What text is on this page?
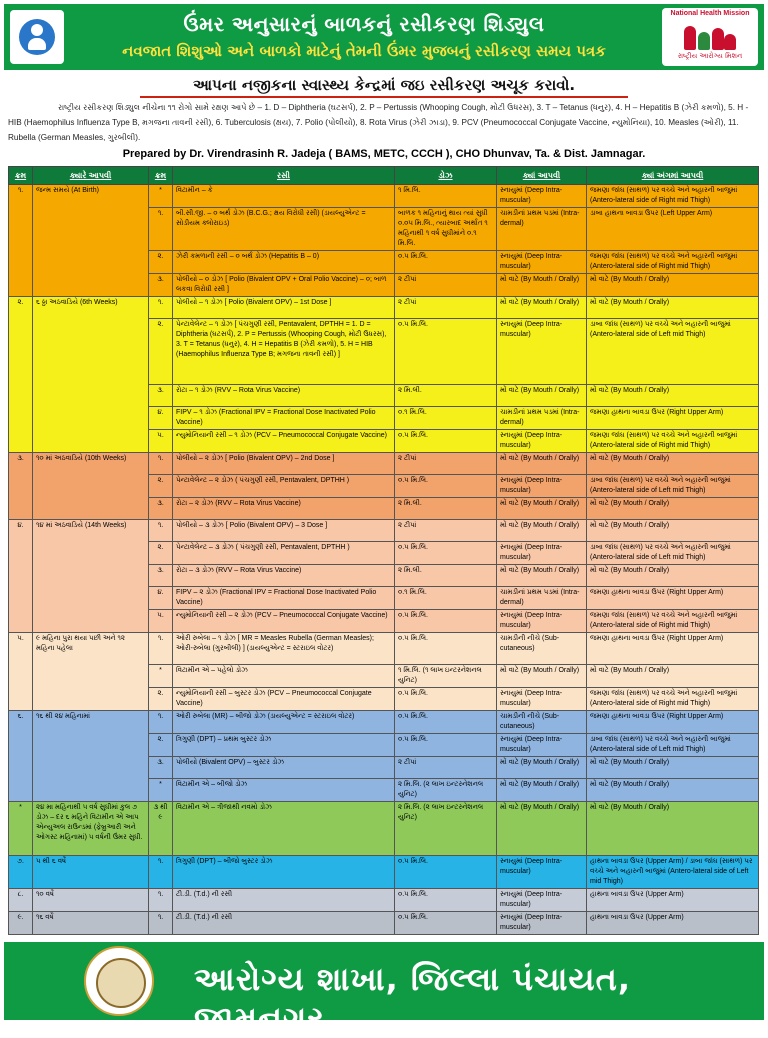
ઉંમર અનુસારનું બાળકનું રસીકરણ શિડ્યુલ
નવજાત શિશુઓ અને બાળકો માટેનું તેમની ઉંમર મુજબનું રસીકરણ સમય પત્રક
National Health Mission
રાષ્ટ્રીય આરોગ્ય મિશન
આપના નજીકના સ્વાસ્થ્ય કેન્દ્રમાં જઇ રસીકરણ અચૂક કરાવો.
રાષ્ટ્રીય રસીકરણ શિડ્યુલ નીચેના ૧૧ રોગો સામે રક્ષણ આપે છે – 1. D – Diphtheria (ઘટસર્પ), 2. P – Pertussis (Whooping Cough, મોટી ઉધરસ), 3. T – Tetanus (ધનુર), 4. H – Hepatitis B (ઝેરી કમળો), 5. H - HIB (Haemophilus Influenza Type B, મગજના તાવની રસી), 6. Tuberculosis (ક્ષય), 7. Polio (પોલીયો), 8. Rota Virus (ઝેરી ઝાડા), 9. PCV (Pneumococcal Conjugate Vaccine, ન્યુમોનિયા), 10. Measles (ઓરી), 11. Rubella (German Measles, ગુરબીલી).
Prepared by Dr. Virendrasinh R. Jadeja ( BAMS, METC, CCCH ), CHO Dhunvav, Ta. & Dist. Jamnagar.
ક્રમ	ક્યારે આપવી	ક્રમ	રસી	ડોઝ	ક્યાં આપવી	ક્યાં અંગમાં આપવી
૧.	જન્મ સમયે (At Birth)	*	વિટામીન – કે	૧ મિ.લિ.	સ્નાયુમાં (Deep Intra-muscular)	જમણા જાંઘ (સાથળ) પર વચ્ચે અને બહારની બાજુમાં (Antero-lateral side of Right mid Thigh)
		૧.	બી.સી.જી. – ૦ બર્થ ડોઝ (B.C.G.; ક્ષય વિરોધી રસી) (ડાયલ્યુએન્ટ = સોડીયમ ક્લોરાઇડ)	બાળક ૧ મહિનાનું થાય ત્યાં સુધી ૦.૦૫ મિ.લિ., ત્યારબાદ અર્થાત ૧ મહિનાથી ૧ વર્ષ સુધીમાંને ૦.૧ મિ.લિ.	ચામડીનાં પ્રથમ પડમાં (Intra-dermal)	ડાબા હાથના બાવડા ઉપર (Left Upper Arm)
		૨.	ઝેરી કમળાની રસી – ૦ બર્થ ડોઝ (Hepatitis B – 0)	૦.૫ મિ.લિ.	સ્નાયુમાં (Deep Intra-muscular)	જમણા જાંઘ (સાથળ) પર વચ્ચે અને બહારની બાજુમાં (Antero-lateral side of Right mid Thigh)
		૩.	પોલીયો – ૦ ડોઝ [ Polio (Bivalent OPV + Oral Polio Vaccine) – ૦; બાળ લકવા વિરોધી રસી ]	૨ ટીપાં	મોં વાટે (By Mouth / Orally)	મોં વાટે (By Mouth / Orally)
૨.	૬ ઠ્ઠા અઠવાડિયે (6th Weeks)	૧.	પોલીયો – ૧ ડોઝ [ Polio (Bivalent OPV) – 1st Dose ]	૨ ટીપાં	મોં વાટે (By Mouth / Orally)	મોં વાટે (By Mouth / Orally)
		૨.	પેન્ટાવેલેન્ટ – ૧ ડોઝ [ પંચગુણી રસી, Pentavalent, DPTHH = 1. D = Diphtheria (ઘટસર્પ), 2. P = Pertussis (Whooping Cough, મોટી ઉધરસ), 3. T = Tetanus (ધનુર), 4. H = Hepatitis B (ઝેરી કમળો), 5. H = HIB (Haemophilus Influenza Type B; મગજના તાવની રસી) ]	૦.૫ મિ.લિ.	સ્નાયુમાં (Deep Intra-muscular)	ડાબા જાંઘ (સાથળ) પર વચ્ચે અને બહારની બાજુમાં (Antero-lateral side of Left mid Thigh)
		૩.	રોટા – ૧ ડોઝ (RVV – Rota Virus Vaccine)	૨ મિ.લી.	મોં વાટે (By Mouth / Orally)	મોં વાટે (By Mouth / Orally)
		૪.	FIPV – ૧ ડોઝ (Fractional IPV = Fractional Dose Inactivated Polio Vaccine)	૦.૧ મિ.લિ.	ચામડીનાં પ્રથમ પડમાં (Intra-dermal)	જમણા હાથના બાવડા ઉપર (Right Upper Arm)
		૫.	ન્યુમોનિયાની રસી – ૧ ડોઝ (PCV – Pneumococcal Conjugate Vaccine)	૦.૫ મિ.લિ.	સ્નાયુમાં (Deep Intra-muscular)	જમણા જાંઘ (સાથળ) પર વચ્ચે અને બહારની બાજુમાં (Antero-lateral side of Right mid Thigh)
૩.	૧૦ માં અઠવાડિયે (10th Weeks)	૧.	પોલીયો – ૨ ડોઝ [ Polio (Bivalent OPV) – 2nd Dose ]	૨ ટીપાં	મોં વાટે (By Mouth / Orally)	મોં વાટે (By Mouth / Orally)
		૨.	પેન્ટાવેલેન્ટ – ૨ ડોઝ ( પંચગુણી રસી, Pentavalent, DPTHH )	૦.૫ મિ.લિ.	સ્નાયુમાં (Deep Intra-muscular)	ડાબા જાંઘ (સાથળ) પર વચ્ચે અને બહારની બાજુમાં (Antero-lateral side of Left mid Thigh)
		૩.	રોટા – ૨ ડોઝ (RVV – Rota Virus Vaccine)	૨ મિ.લી.	મોં વાટે (By Mouth / Orally)	મોં વાટે (By Mouth / Orally)
૪.	૧૪ માં અઠવાડિયે (14th Weeks)	૧.	પોલીયો – ૩ ડોઝ [ Polio (Bivalent OPV) – 3 Dose ]	૨ ટીપાં	મોં વાટે (By Mouth / Orally)	મોં વાટે (By Mouth / Orally)
		૨.	પેન્ટાવેલેન્ટ – ૩ ડોઝ ( પંચગુણી રસી, Pentavalent, DPTHH )	૦.૫ મિ.લિ.	સ્નાયુમાં (Deep Intra-muscular)	ડાબા જાંઘ (સાથળ) પર વચ્ચે અને બહારની બાજુમાં (Antero-lateral side of Left mid Thigh)
		૩.	રોટા – ૩ ડોઝ (RVV – Rota Virus Vaccine)	૨ મિ.લી.	મોં વાટે (By Mouth / Orally)	મોં વાટે (By Mouth / Orally)
		૪.	FIPV – ૨ ડોઝ (Fractional IPV = Fractional Dose Inactivated Polio Vaccine)	૦.૧ મિ.લિ.	ચામડીનાં પ્રથમ પડમાં (Intra-dermal)	જમણા હાથના બાવડા ઉપર (Right Upper Arm)
		૫.	ન્યુમોનિયાની રસી – ૨ ડોઝ (PCV – Pneumococcal Conjugate Vaccine)	૦.૫ મિ.લિ.	સ્નાયુમાં (Deep Intra-muscular)	જમણા જાંઘ (સાથળ) પર વચ્ચે અને બહારની બાજુમાં (Antero-lateral side of Right mid Thigh)
૫.	૯ મહિના પુરા થયા પછી અને ૧૨ મહિના પહેલા	૧.	ઓરી રુબેલા – ૧ ડોઝ [ MR = Measles Rubella (German Measles); ઓરી-રુબેલા (ગુરબીલી) ] (ડાયલ્યુએન્ટ = સ્ટરાઇલ વોટર)	૦.૫ મિ.લિ.	ચામડીની નીચે (Sub-cutaneous)	જમણા હાથના બાવડા ઉપર (Right Upper Arm)
		*	વિટામીન એ – પહેલો ડોઝ	૧ મિ.લિ. (૧ લાખ ઇન્ટરનેશનલ યુનિટ)	મોં વાટે (By Mouth / Orally)	મોં વાટે (By Mouth / Orally)
		૨.	ન્યુમોનિયાની રસી – બુસ્ટર ડોઝ (PCV – Pneumococcal Conjugate Vaccine)	૦.૫ મિ.લિ.	સ્નાયુમાં (Deep Intra-muscular)	જમણા જાંઘ (સાથળ) પર વચ્ચે અને બહારની બાજુમાં (Antero-lateral side of Right mid Thigh)
૬.	૧૬ થી ૨૪ મહિનામાં	૧.	ઓરી રુબેલા (MR) – બીજો ડોઝ (ડાયલ્યુએન્ટ = સ્ટરાઇલ વોટર)	૦.૫ મિ.લિ.	ચામડીની નીચે (Sub-cutaneous)	જમણા હાથના બાવડા ઉપર (Right Upper Arm)
		૨.	ત્રિગુણી (DPT) – પ્રથમ બુસ્ટર ડોઝ	૦.૫ મિ.લિ.	સ્નાયુમાં (Deep Intra-muscular)	ડાબા જાંઘ (સાથળ) પર વચ્ચે અને બહારની બાજુમાં (Antero-lateral side of Left mid Thigh)
		૩.	પોલીયો (Bivalent OPV) – બુસ્ટર ડોઝ	૨ ટીપાં	મોં વાટે (By Mouth / Orally)	મોં વાટે (By Mouth / Orally)
		*	વિટામીન એ – બીજો ડોઝ	૨ મિ.લિ. (૨ લાખ ઇન્ટરનેશનલ યુનિટ)	મોં વાટે (By Mouth / Orally)	મોં વાટે (By Mouth / Orally)
*	૨૪ મા મહિનાથી ૫ વર્ષ સુધીમાં કુલ ૭ ડોઝ – દર ૬ મહિને વિટામીન એ આપ એન્યુઅલ રાઉન્ડમાં (ફેબ્રુઆરી અને ઓગસ્ટ મહિનામાં) ૫ વર્ષની ઉંમર સુધી.	૩ થી ૯	વિટામીન એ – ત્રીજાથી નવમો ડોઝ	૨ મિ.લિ. (૨ લાખ ઇન્ટરનેશનલ યુનિટ)	મોં વાટે (By Mouth / Orally)	મોં વાટે (By Mouth / Orally)
૭.	૫ થી ૬ વર્ષે	૧.	ત્રિગુણી (DPT) – બીજો બુસ્ટર ડોઝ	૦.૫ મિ.લિ.	સ્નાયુમાં (Deep Intra-muscular)	હાથના બાવડા ઉપર (Upper Arm) / ડાબા જાંઘ (સાથળ) પર વચ્ચે અને બહારની બાજુમાં (Antero-lateral side of Left mid Thigh)
૮.	૧૦ વર્ષે	૧.	ટી.ડી. (T.d.) ની રસી	૦.૫ મિ.લિ.	સ્નાયુમાં (Deep Intra-muscular)	હાથના બાવડા ઉપર (Upper Arm)
૯.	૧૬ વર્ષે	૧.	ટી.ડી. (T.d.) ની રસી	૦.૫ મિ.લિ.	સ્નાયુમાં (Deep Intra-muscular)	હાથના બાવડા ઉપર (Upper Arm)
આરોગ્ય શાખા, જિલ્લા પંચાયત, જામનગર.
